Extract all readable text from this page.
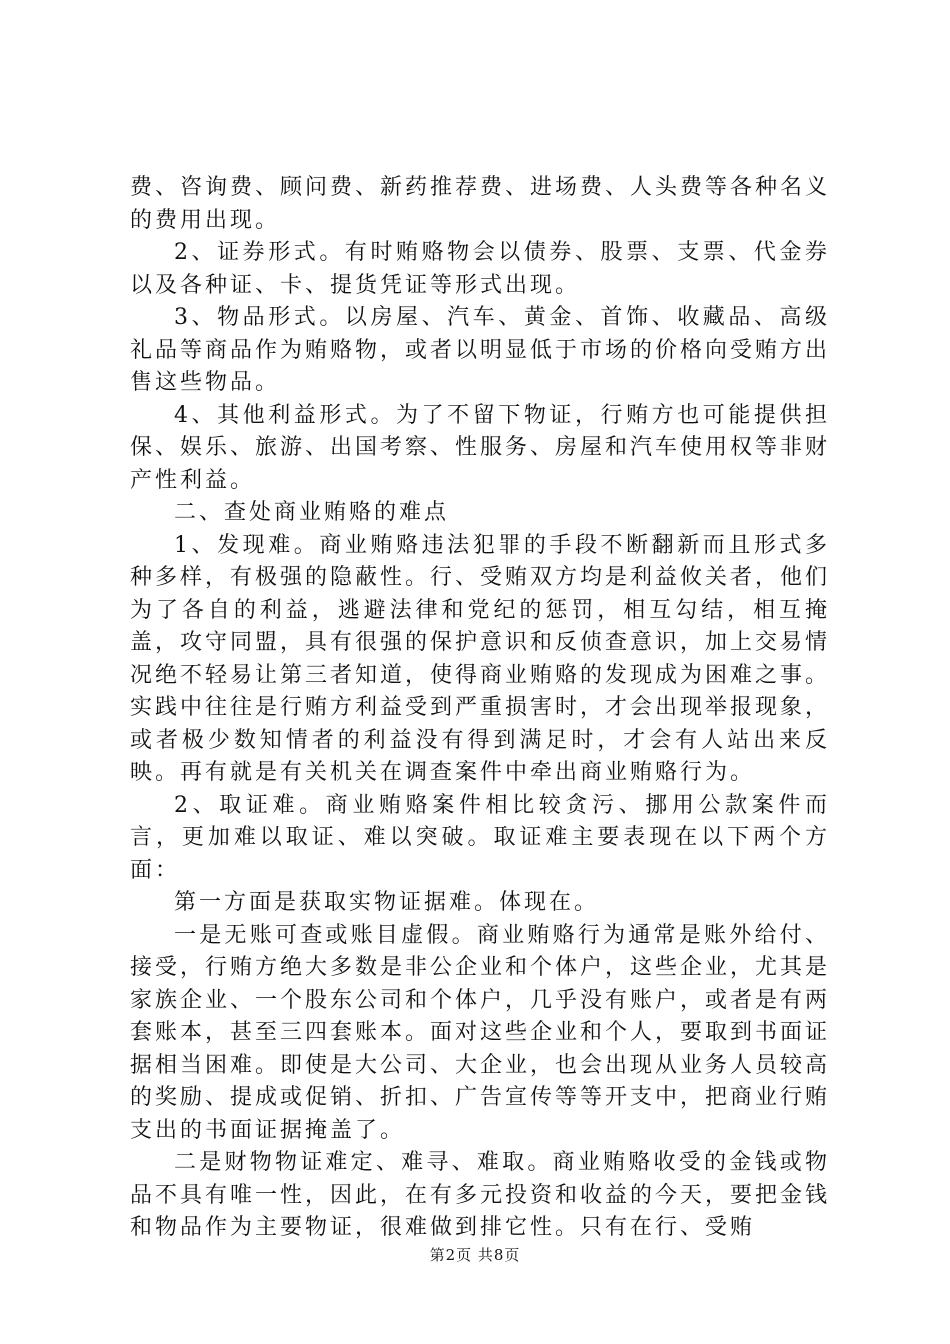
费、咨询费、顾问费、新药推荐费、进场费、人头费等各种名义的费用出现。

2、证券形式。有时贿赂物会以债券、股票、支票、代金券以及各种证、卡、提货凭证等形式出现。

3、物品形式。以房屋、汽车、黄金、首饰、收藏品、高级礼品等商品作为贿赂物，或者以明显低于市场的价格向受贿方出售这些物品。

4、其他利益形式。为了不留下物证，行贿方也可能提供担保、娱乐、旅游、出国考察、性服务、房屋和汽车使用权等非财产性利益。

二、查处商业贿赂的难点

1、发现难。商业贿赂违法犯罪的手段不断翻新而且形式多种多样，有极强的隐蔽性。行、受贿双方均是利益攸关者，他们为了各自的利益，逃避法律和党纪的惩罚，相互勾结，相互掩盖，攻守同盟，具有很强的保护意识和反侦查意识，加上交易情况绝不轻易让第三者知道，使得商业贿赂的发现成为困难之事。实践中往往是行贿方利益受到严重损害时，才会出现举报现象，或者极少数知情者的利益没有得到满足时，才会有人站出来反映。再有就是有关机关在调查案件中牵出商业贿赂行为。

2、取证难。商业贿赂案件相比较贪污、挪用公款案件而言，更加难以取证、难以突破。取证难主要表现在以下两个方面：

第一方面是获取实物证据难。体现在。

一是无账可查或账目虚假。商业贿赂行为通常是账外给付、接受，行贿方绝大多数是非公企业和个体户，这些企业，尤其是家族企业、一个股东公司和个体户，几乎没有账户，或者是有两套账本，甚至三四套账本。面对这些企业和个人，要取到书面证据相当困难。即使是大公司、大企业，也会出现从业务人员较高的奖励、提成或促销、折扣、广告宣传等等开支中，把商业行贿支出的书面证据掩盖了。

二是财物物证难定、难寻、难取。商业贿赂收受的金钱或物品不具有唯一性，因此，在有多元投资和收益的今天，要把金钱和物品作为主要物证，很难做到排它性。只有在行、受贿

第2页 共8页
